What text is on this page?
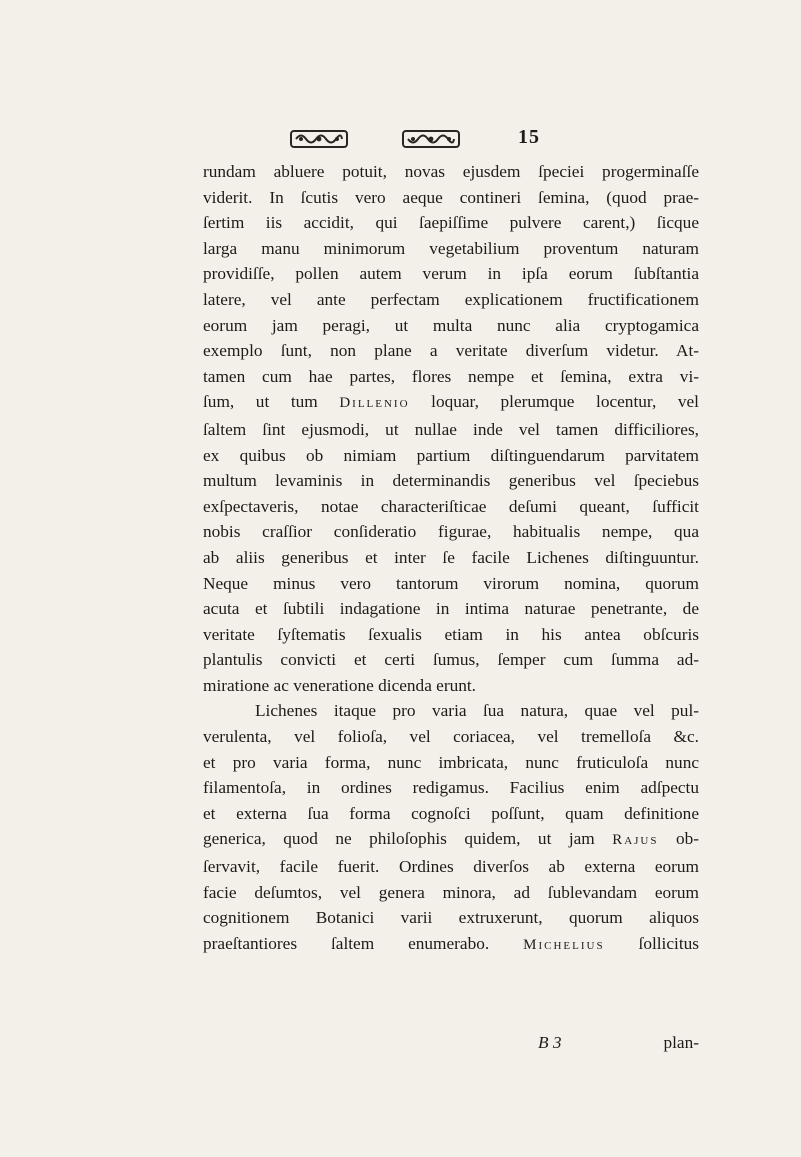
15
rundam abluere potuit, novas ejusdem ſpeciei progerminaſſe
viderit. In ſcutis vero aeque contineri ſemina, (quod prae-
ſertim iis accidit, qui ſaepiſſime pulvere carent,) ſicque
larga manu minimorum vegetabilium proventum naturam
providiſſe, pollen autem verum in ipſa eorum ſubſtantia
latere, vel ante perfectam explicationem fructificationem
eorum jam peragi, ut multa nunc alia cryptogamica
exemplo ſunt, non plane a veritate diverſum videtur. At-
tamen cum hae partes, flores nempe et ſemina, extra vi-
ſum, ut tum Dillenio loquar, plerumque locentur, vel
ſaltem ſint ejusmodi, ut nullae inde vel tamen difficiliores,
ex quibus ob nimiam partium diſtinguendarum parvitatem
multum levaminis in determinandis generibus vel ſpeciebus
exſpectaveris, notae characteriſticae deſumi queant, ſufficit
nobis craſſior conſideratio figurae, habitualis nempe, qua
ab aliis generibus et inter ſe facile Lichenes diſtinguuntur.
Neque minus vero tantorum virorum nomina, quorum
acuta et ſubtili indagatione in intima naturae penetrante, de
veritate ſyſtematis ſexualis etiam in his antea obſcuris
plantulis convicti et certi ſumus, ſemper cum ſumma ad-
miratione ac veneratione dicenda erunt.
Lichenes itaque pro varia ſua natura, quae vel pul-
verulenta, vel folioſa, vel coriacea, vel tremelloſa &c.
et pro varia forma, nunc imbricata, nunc fruticuloſa nunc
filamentoſa, in ordines redigamus. Facilius enim adſpectu
et externa ſua forma cognoſci poſſunt, quam definitione
generica, quod ne philoſophis quidem, ut jam Rajus ob-
ſervavit, facile fuerit. Ordines diverſos ab externa eorum
facie deſumtos, vel genera minora, ad ſublevandam eorum
cognitionem Botanici varii extruxerunt, quorum aliquos
praeſtantiores ſaltem enumerabo. Michelius ſollicitus
B 3	plan-
